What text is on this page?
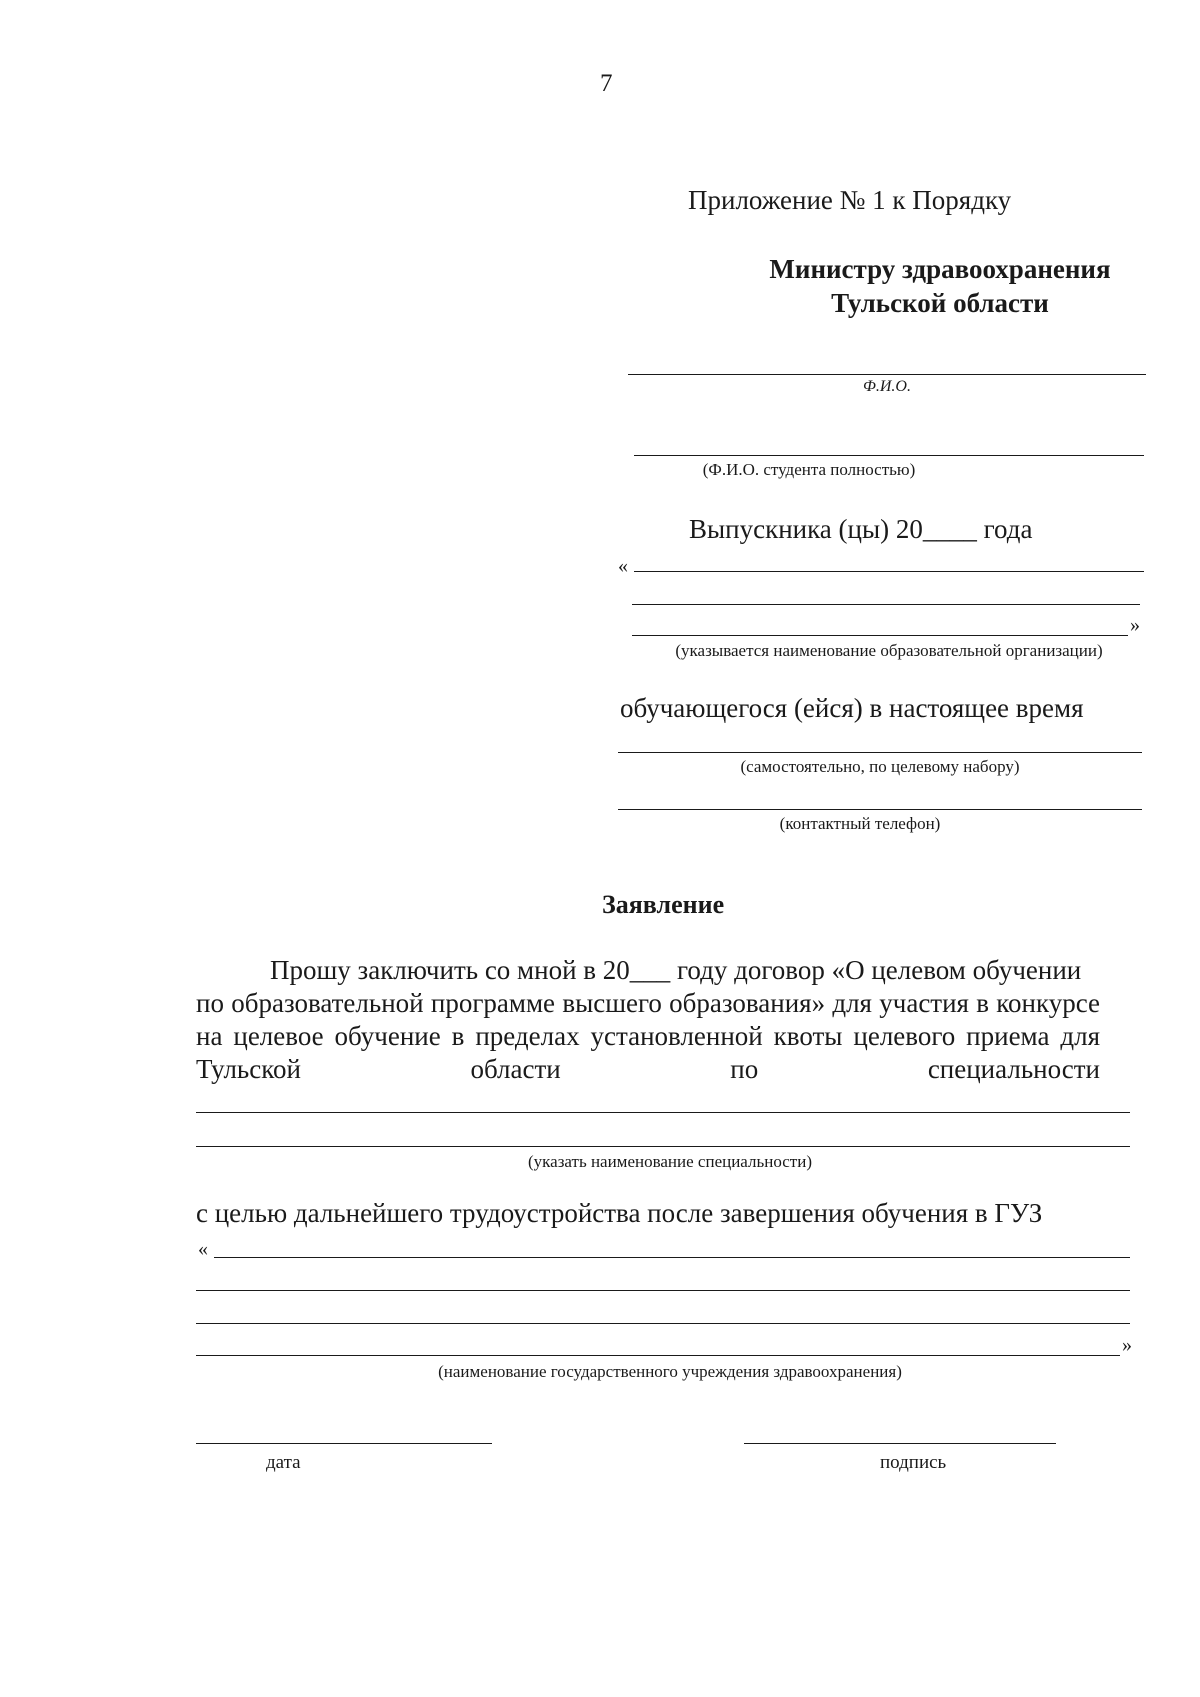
7
Приложение № 1 к Порядку
Министру здравоохранения
Тульской области
Ф.И.О.
(Ф.И.О. студента полностью)
Выпускника (цы) 20____ года
«
»
(указывается наименование образовательной организации)
обучающегося (ейся) в настоящее время
(самостоятельно, по целевому набору)
(контактный телефон)
Заявление
Прошу заключить со мной в 20___ году договор «О целевом обучении
по образовательной программе высшего образования» для участия в конкурсе
на целевое обучение в пределах установленной квоты целевого приема для
Тульской области по специальности
(указать наименование специальности)
с целью дальнейшего трудоустройства после завершения обучения в ГУЗ
«
»
(наименование государственного учреждения здравоохранения)
дата	подпись
